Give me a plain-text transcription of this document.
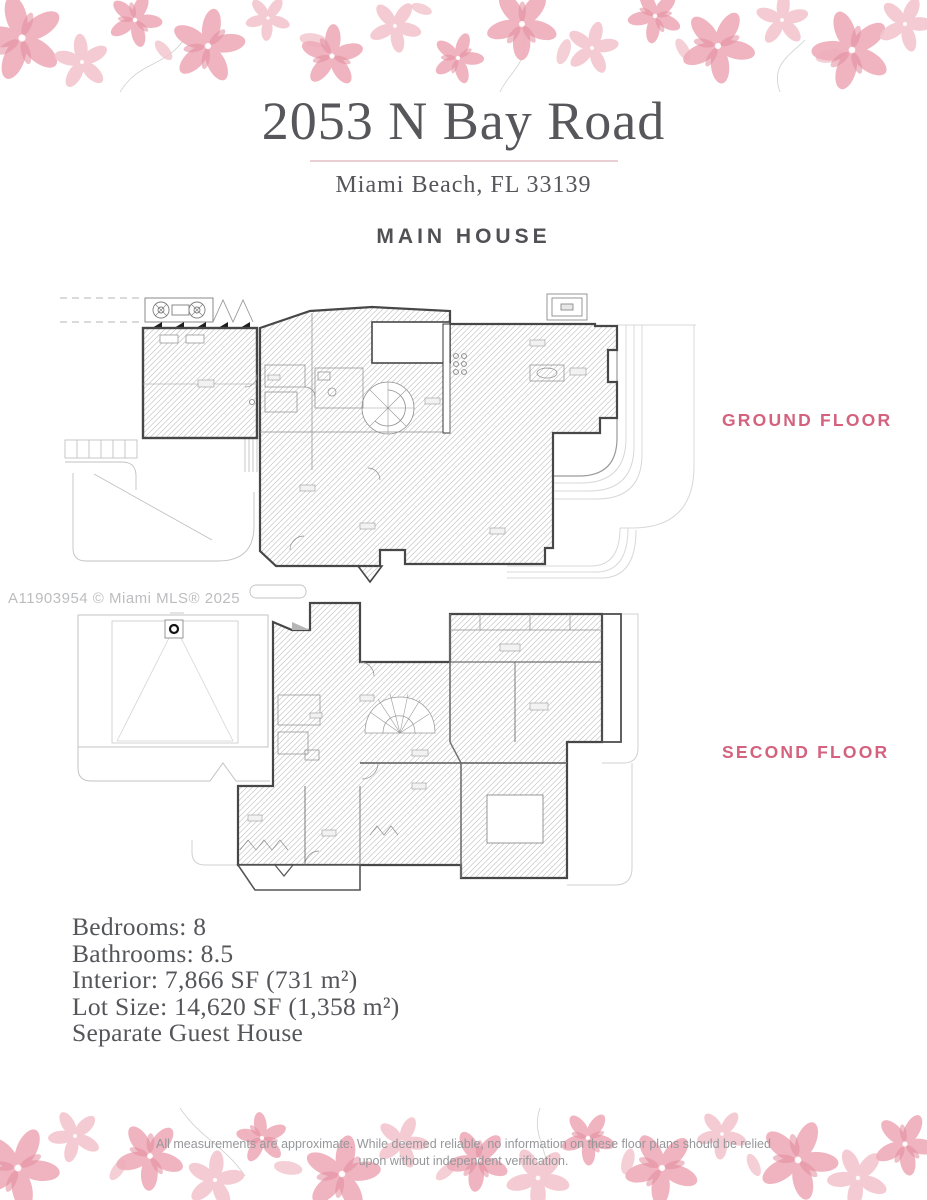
2053 N Bay Road
Miami Beach, FL 33139
MAIN HOUSE
GROUND FLOOR
A11903954 © Miami MLS® 2025
SECOND FLOOR
Bedrooms: 8
Bathrooms: 8.5
Interior: 7,866 SF (731 m²)
Lot Size: 14,620 SF (1,358 m²)
Separate Guest House
All measurements are approximate. While deemed reliable, no information on these floor plans should be relied upon without independent verification.
